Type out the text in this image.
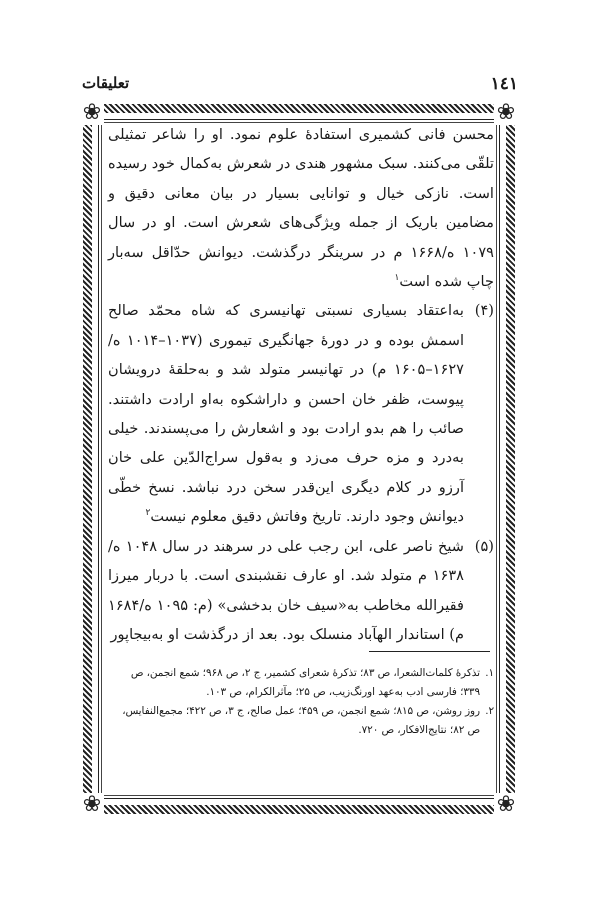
١٤١
تعليقات
❀	❀
❀	❀

محسن فانی کشمیری استفادۀ علوم نمود. او را شاعر تمثیلی تلقّی می‌کنند. سبک مشهور هندی در شعرش به‌کمال خود رسیده است. نازکی خیال و توانایی بسیار در بیان معانی دقیق و مضامین باریک از جمله ویژگی‌های شعرش است. او در سال ۱۰۷۹ ه/۱۶۶۸ م در سرینگر درگذشت. دیوانش حدّاقل سه‌بار چاپ شده است$^۱$

(۴)
به‌اعتقاد بسیاری نسبتی تهانیسری که شاه محمّد صالح اسمش بوده و در دورۀ جهانگیری تیموری (۱۰۳۷–۱۰۱۴ ه/ ۱۶۲۷–۱۶۰۵ م) در تهانیسر متولد شد و به‌حلقۀ درویشان پیوست، ظفر خان احسن و داراشکوه به‌او ارادت داشتند. صائب را هم بدو ارادت بود و اشعارش را می‌پسندند. خیلی به‌درد و مزه حرف می‌زد و به‌قول سراج‌الدّین علی خان آرزو در کلام دیگری این‌قدر سخن درد نباشد. نسخ خطّی دیوانش وجود دارند. تاریخ وفاتش دقیق معلوم نیست$^۲$

(۵)
شیخ ناصر علی، ابن رجب علی در سرهند در سال ۱۰۴۸ ه/ ۱۶۳۸ م متولد شد. او عارف نقشبندی است. با دربار میرزا فقیرالله مخاطب به«سیف خان بدخشی» (م: ۱۰۹۵ ه/۱۶۸۴ م) استاندار الهآباد منسلک بود. بعد از درگذشت او به‌بیجاپور

۱.
تذکرۀ کلمات‌الشعرا، ص ۸۳؛ تذکرۀ شعرای کشمیر، ج ۲، ص ۹۶۸؛ شمع انجمن، ص ۳۳۹؛ فارسی ادب به‌عهد اورنگ‌زیب، ص ۲۵؛ مآثرالکرام، ص ۱۰۳.

۲.
روز روشن، ص ۸۱۵؛ شمع انجمن، ص ۴۵۹؛ عمل صالح، ج ۳، ص ۴۲۲؛ مجمع‌النفایس، ص ۸۲؛ نتایج‌الافکار، ص ۷۲۰.
